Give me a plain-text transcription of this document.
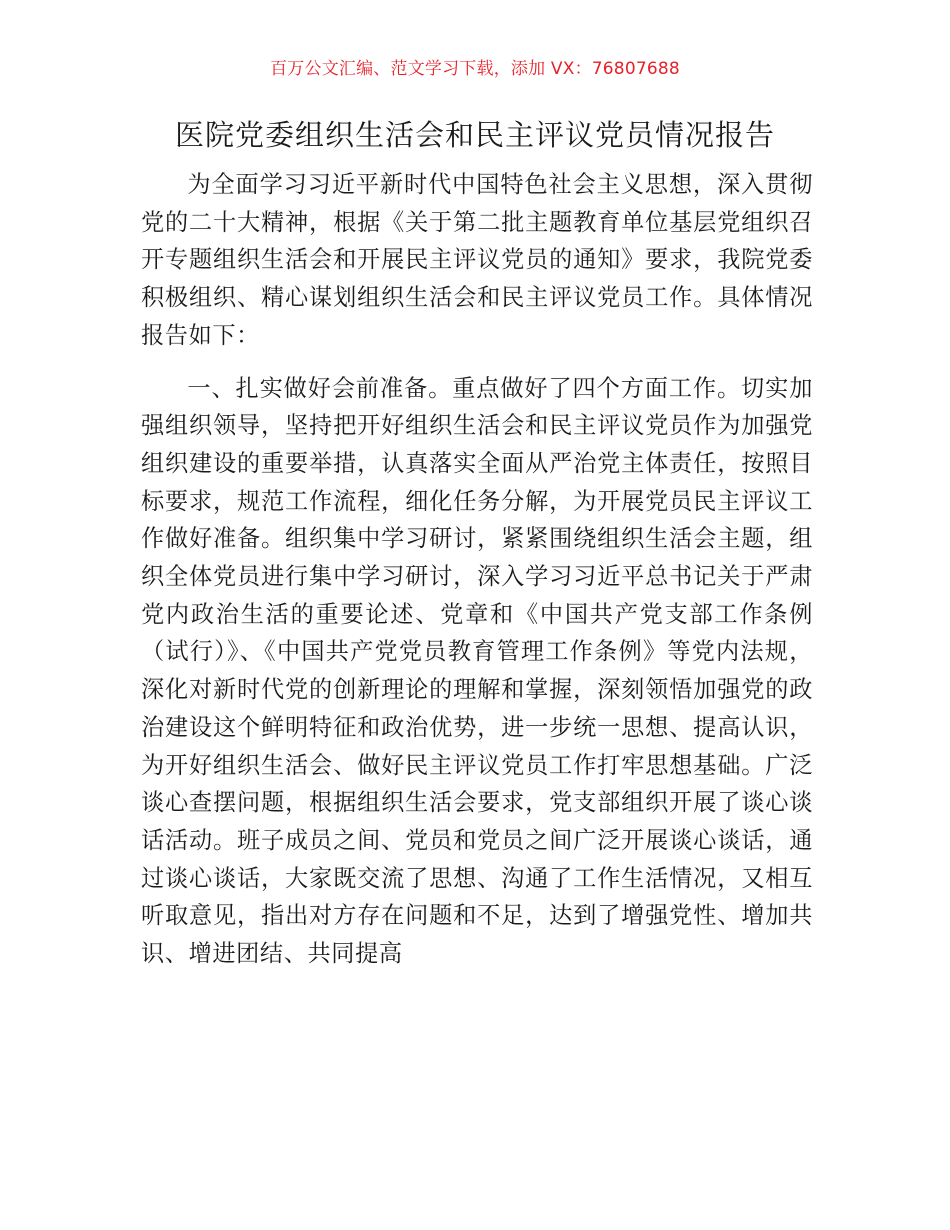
百万公文汇编、范文学习下载，添加 VX：76807688
医院党委组织生活会和民主评议党员情况报告

为全面学习习近平新时代中国特色社会主义思想，深入贯彻党的二十大精神，根据《关于第二批主题教育单位基层党组织召开专题组织生活会和开展民主评议党员的通知》要求，我院党委积极组织、精心谋划组织生活会和民主评议党员工作。具体情况报告如下：

一、扎实做好会前准备。重点做好了四个方面工作。切实加强组织领导，坚持把开好组织生活会和民主评议党员作为加强党组织建设的重要举措，认真落实全面从严治党主体责任，按照目标要求，规范工作流程，细化任务分解，为开展党员民主评议工作做好准备。组织集中学习研讨，紧紧围绕组织生活会主题，组织全体党员进行集中学习研讨，深入学习习近平总书记关于严肃党内政治生活的重要论述、党章和《中国共产党支部工作条例（试行）》、《中国共产党党员教育管理工作条例》等党内法规，深化对新时代党的创新理论的理解和掌握，深刻领悟加强党的政治建设这个鲜明特征和政治优势，进一步统一思想、提高认识，为开好组织生活会、做好民主评议党员工作打牢思想基础。广泛谈心查摆问题，根据组织生活会要求，党支部组织开展了谈心谈话活动。班子成员之间、党员和党员之间广泛开展谈心谈话，通过谈心谈话，大家既交流了思想、沟通了工作生活情况，又相互听取意见，指出对方存在问题和不足，达到了增强党性、增加共识、增进团结、共同提高
